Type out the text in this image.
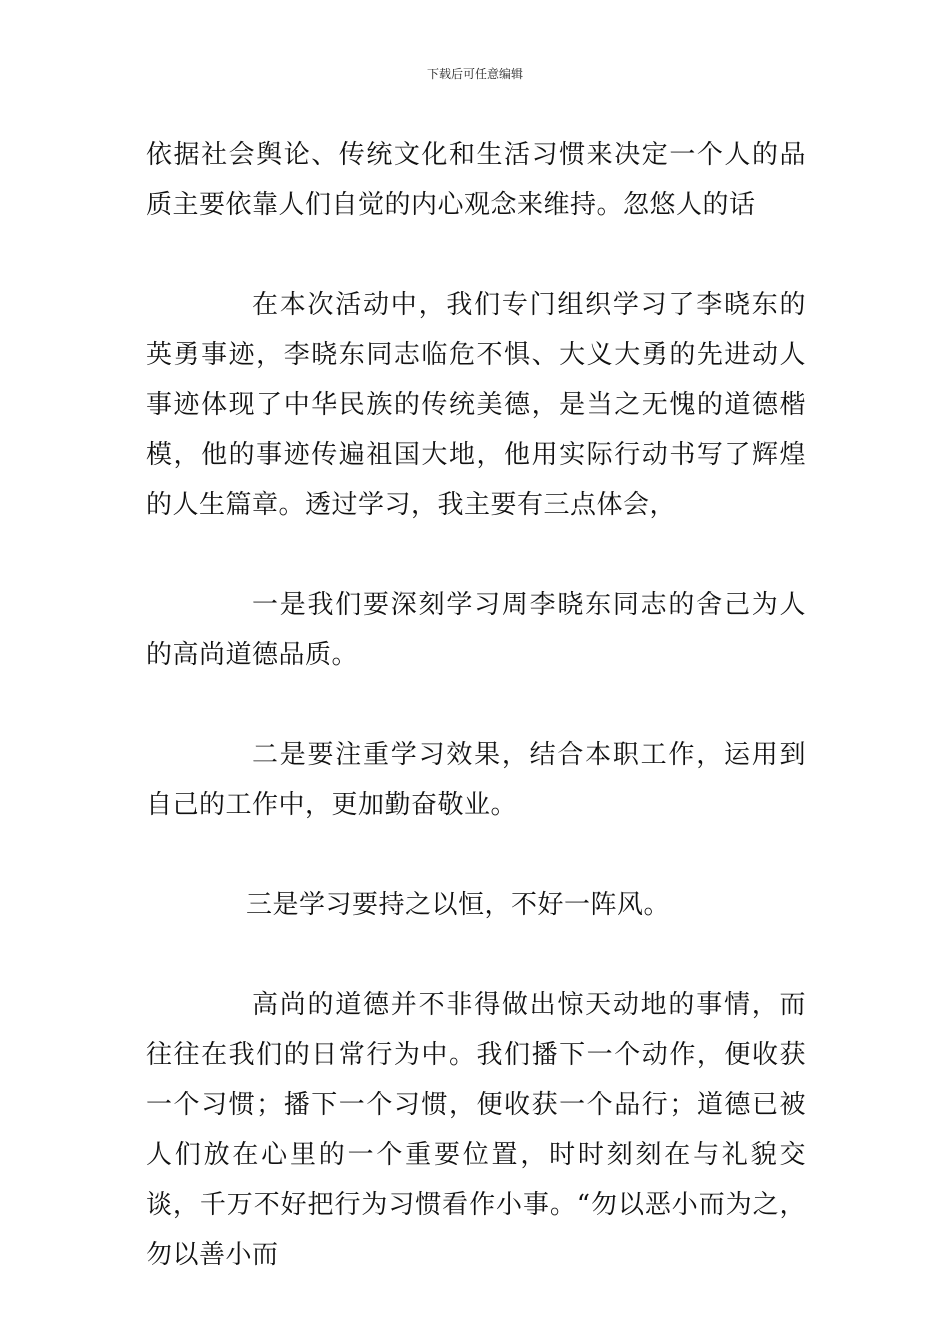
下载后可任意编辑

依据社会舆论、传统文化和生活习惯来决定一个人的品质主要依靠人们自觉的内心观念来维持。忽悠人的话

在本次活动中，我们专门组织学习了李晓东的英勇事迹，李晓东同志临危不惧、大义大勇的先进动人事迹体现了中华民族的传统美德，是当之无愧的道德楷模，他的事迹传遍祖国大地，他用实际行动书写了辉煌的人生篇章。透过学习，我主要有三点体会，

一是我们要深刻学习周李晓东同志的舍己为人的高尚道德品质。

二是要注重学习效果，结合本职工作，运用到自己的工作中，更加勤奋敬业。

三是学习要持之以恒，不好一阵风。

高尚的道德并不非得做出惊天动地的事情，而往往在我们的日常行为中。我们播下一个动作，便收获一个习惯；播下一个习惯，便收获一个品行；道德已被人们放在心里的一个重要位置，时时刻刻在与礼貌交谈，千万不好把行为习惯看作小事。“勿以恶小而为之，勿以善小而
